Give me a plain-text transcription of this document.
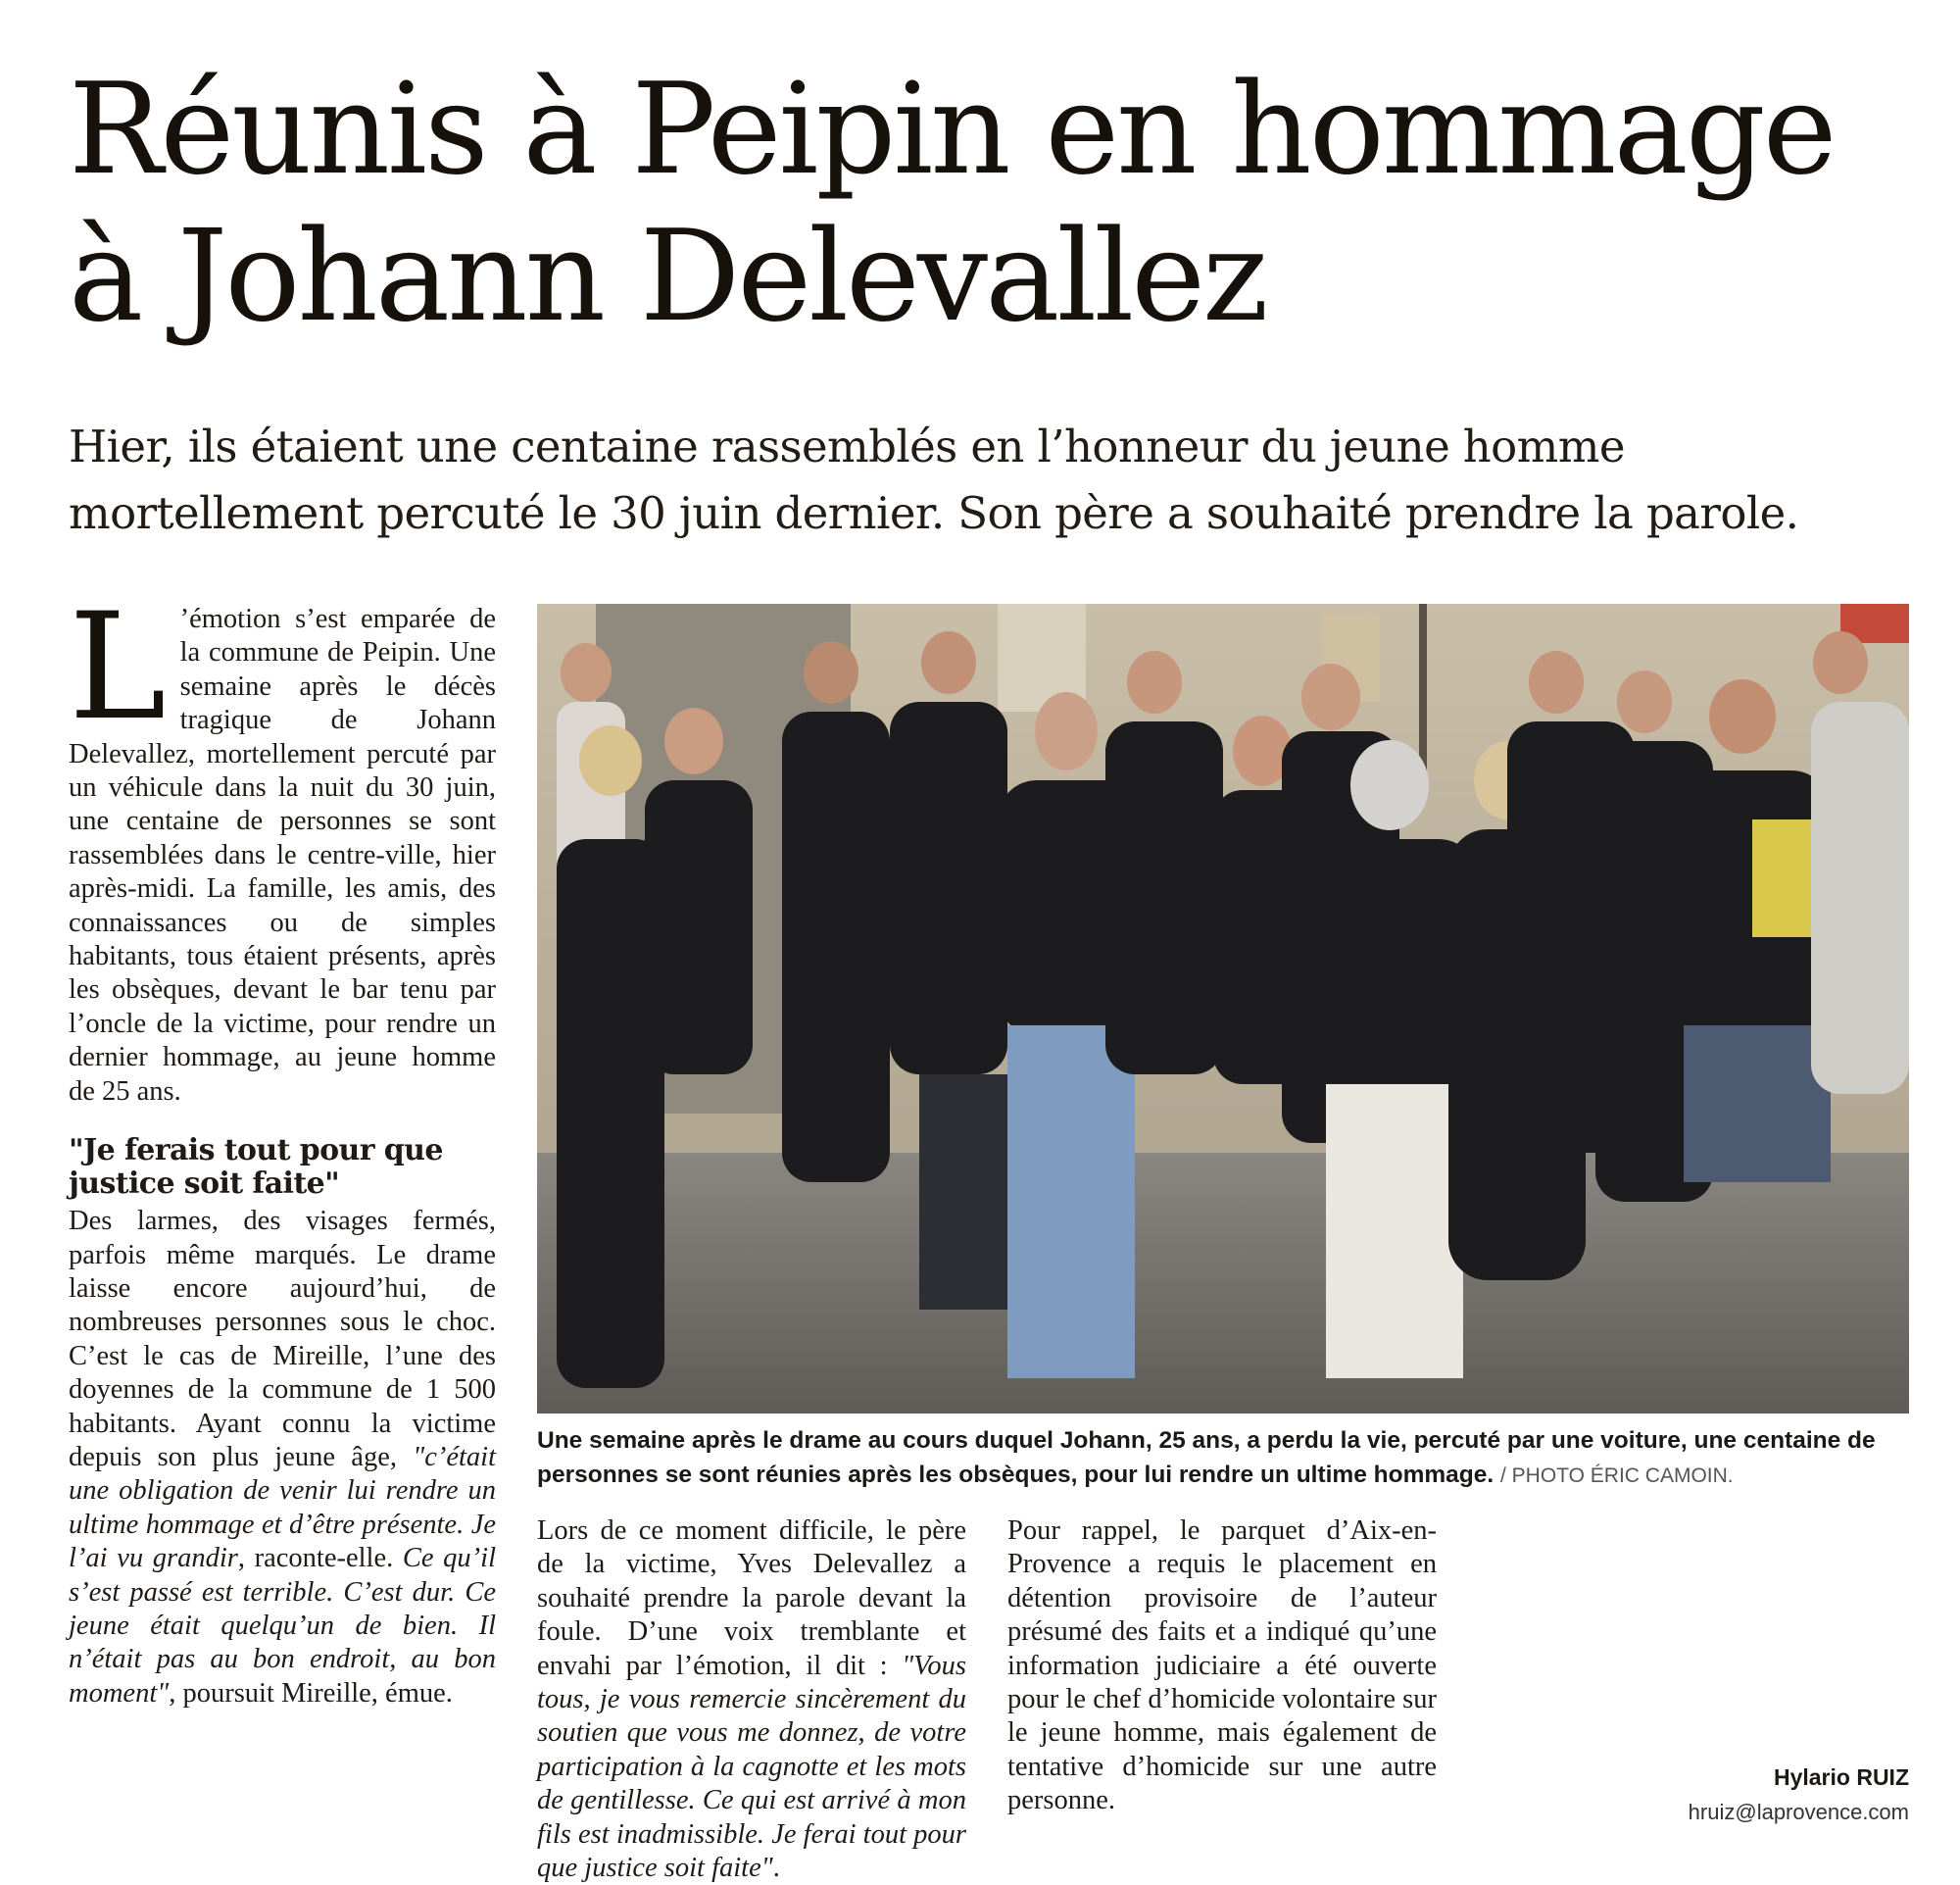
Réunis à Peipin en hommage à Johann Delevallez

Hier, ils étaient une centaine rassemblés en l’honneur du jeune homme mortellement percuté le 30 juin dernier. Son père a souhaité prendre la parole.

L ’émotion s’est emparée de la commune de Peipin. Une semaine après le décès tragique de Johann Delevallez, mortellement percuté par un véhicule dans la nuit du 30 juin, une centaine de personnes se sont rassemblées dans le centre-ville, hier après-midi. La famille, les amis, des connaissances ou de simples habitants, tous étaient présents, après les obsèques, devant le bar tenu par l’oncle de la victime, pour rendre un dernier hommage, au jeune homme de 25 ans.

"Je ferais tout pour que justice soit faite"

Des larmes, des visages fermés, parfois même marqués. Le drame laisse encore aujourd’hui, de nombreuses personnes sous le choc. C’est le cas de Mireille, l’une des doyennes de la commune de 1 500 habitants. Ayant connu la victime depuis son plus jeune âge, "c’était une obligation de venir lui rendre un ultime hommage et d’être présente. Je l’ai vu grandir, raconte-elle. Ce qu’il s’est passé est terrible. C’est dur. Ce jeune était quelqu’un de bien. Il n’était pas au bon endroit, au bon moment", poursuit Mireille, émue.

Une semaine après le drame au cours duquel Johann, 25 ans, a perdu la vie, percuté par une voiture, une centaine de personnes se sont réunies après les obsèques, pour lui rendre un ultime hommage. / PHOTO ÉRIC CAMOIN.

Lors de ce moment difficile, le père de la victime, Yves Delevallez a souhaité prendre la parole devant la foule. D’une voix tremblante et envahi par l’émotion, il dit : "Vous tous, je vous remercie sincèrement du soutien que vous me donnez, de votre participation à la cagnotte et les mots de gentillesse. Ce qui est arrivé à mon fils est inadmissible. Je ferai tout pour que justice soit faite".

Pour rappel, le parquet d’Aix-en-Provence a requis le placement en détention provisoire de l’auteur présumé des faits et a indiqué qu’une information judiciaire a été ouverte pour le chef d’homicide volontaire sur le jeune homme, mais également de tentative d’homicide sur une autre personne.

Hylario RUIZ
hruiz@laprovence.com
